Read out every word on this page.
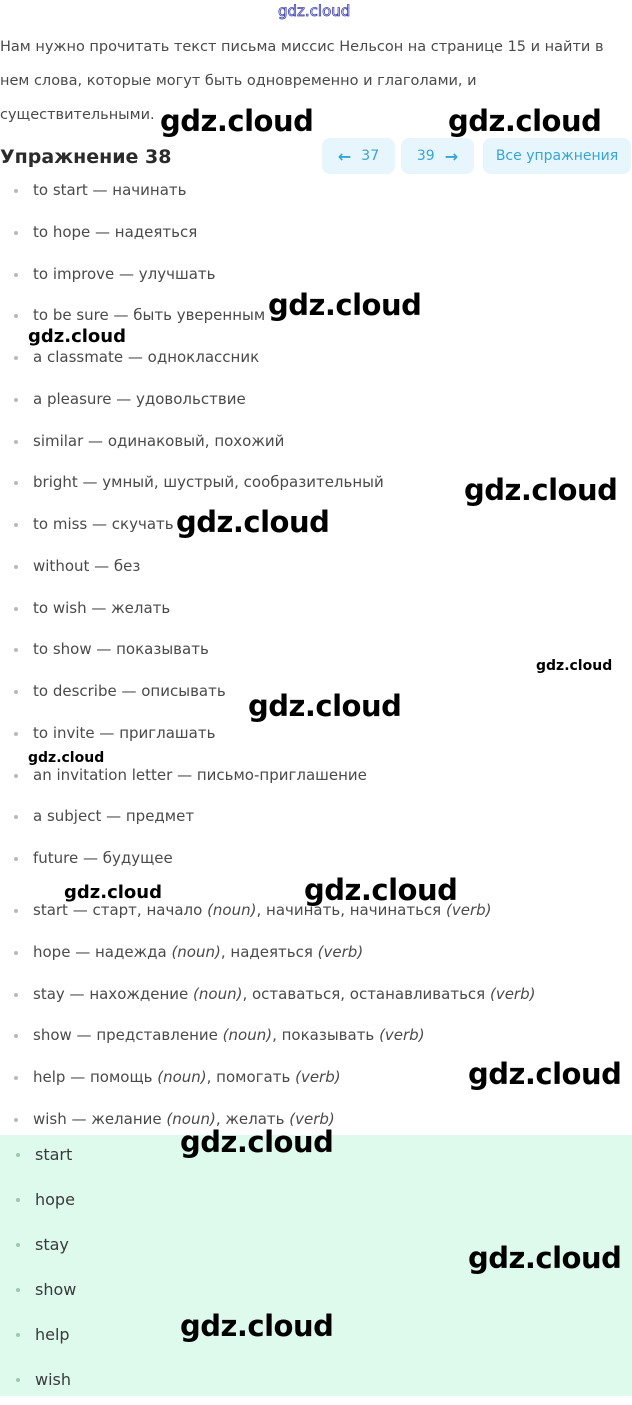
gdz.cloud
Нам нужно прочитать текст письма миссис Нельсон на странице 15 и найти в нем слова, которые могут быть одновременно и глаголами, и существительными.
Упражнение 38	← 37	39 →	Все упражнения
to start — начинать
to hope — надеяться
to improve — улучшать
to be sure — быть уверенным
a classmate — одноклассник
a pleasure — удовольствие
similar — одинаковый, похожий
bright — умный, шустрый, сообразительный
to miss — скучать
without — без
to wish — желать
to show — показывать
to describe — описывать
to invite — приглашать
an invitation letter — письмо-приглашение
a subject — предмет
future — будущее
start — старт, начало (noun), начинать, начинаться (verb)
hope — надежда (noun), надеяться (verb)
stay — нахождение (noun), оставаться, останавливаться (verb)
show — представление (noun), показывать (verb)
help — помощь (noun), помогать (verb)
wish — желание (noun), желать (verb)
start
hope
stay
show
help
wish
gdz.cloud	gdz.cloud
gdz.cloud
gdz.cloud
gdz.cloud
gdz.cloud
gdz.cloud
gdz.cloud
gdz.cloud
gdz.cloud	gdz.cloud
gdz.cloud
gdz.cloud
gdz.cloud
gdz.cloud
